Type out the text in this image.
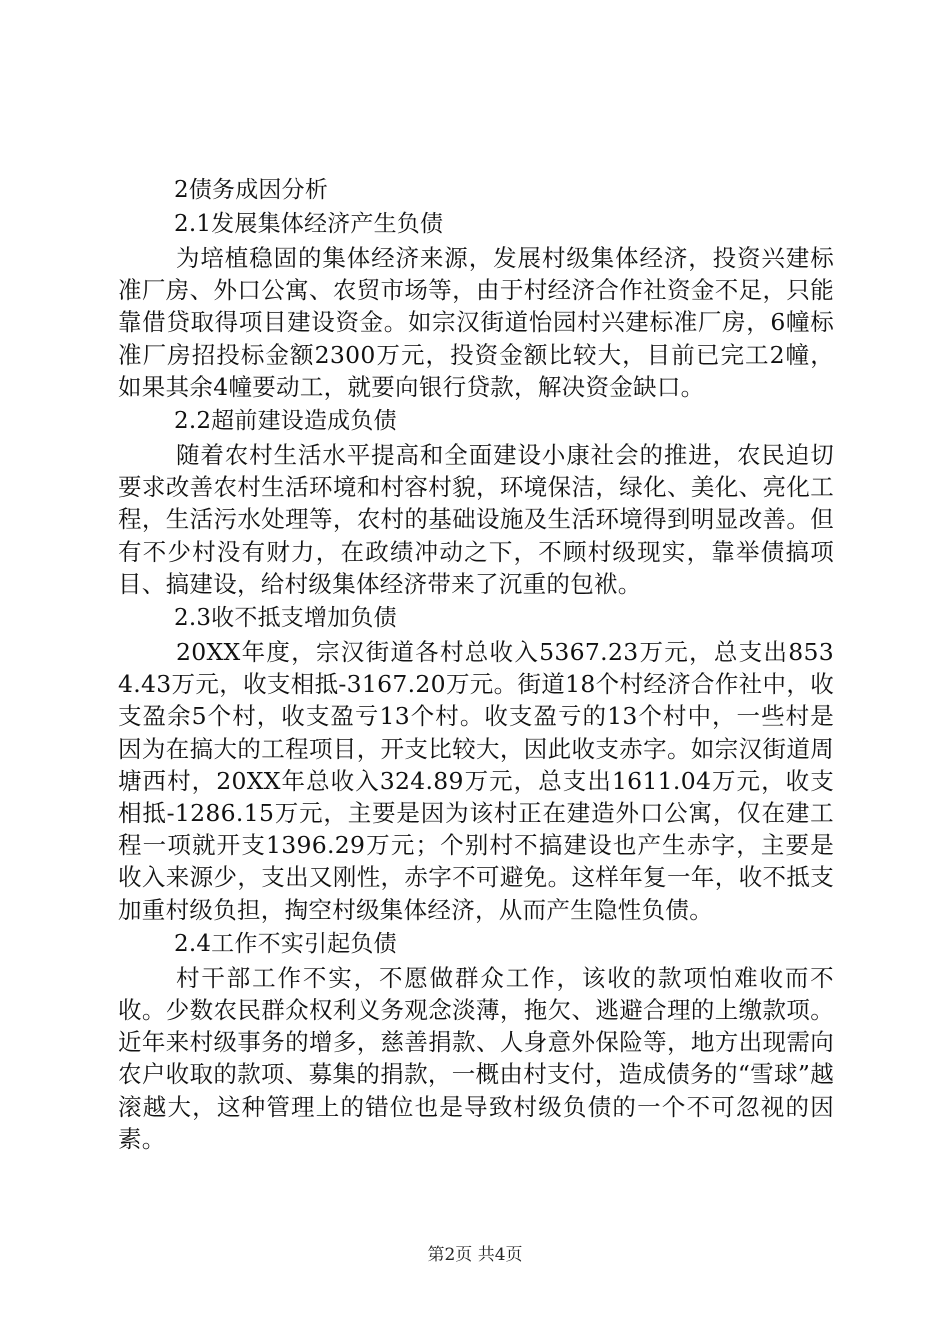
2债务成因分析
2.1发展集体经济产生负债

为培植稳固的集体经济来源，发展村级集体经济，投资兴建标准厂房、外口公寓、农贸市场等，由于村经济合作社资金不足，只能靠借贷取得项目建设资金。如宗汉街道怡园村兴建标准厂房，6幢标准厂房招投标金额2300万元，投资金额比较大，目前已完工2幢，如果其余4幢要动工，就要向银行贷款，解决资金缺口。

2.2超前建设造成负债

随着农村生活水平提高和全面建设小康社会的推进，农民迫切要求改善农村生活环境和村容村貌，环境保洁，绿化、美化、亮化工程，生活污水处理等，农村的基础设施及生活环境得到明显改善。但有不少村没有财力，在政绩冲动之下，不顾村级现实，靠举债搞项目、搞建设，给村级集体经济带来了沉重的包袱。

2.3收不抵支增加负债

20XX年度，宗汉街道各村总收入5367.23万元，总支出8534.43万元，收支相抵-3167.20万元。街道18个村经济合作社中，收支盈余5个村，收支盈亏13个村。收支盈亏的13个村中，一些村是因为在搞大的工程项目，开支比较大，因此收支赤字。如宗汉街道周塘西村，20XX年总收入324.89万元，总支出1611.04万元，收支相抵-1286.15万元，主要是因为该村正在建造外口公寓，仅在建工程一项就开支1396.29万元；个别村不搞建设也产生赤字，主要是收入来源少，支出又刚性，赤字不可避免。这样年复一年，收不抵支加重村级负担，掏空村级集体经济，从而产生隐性负债。

2.4工作不实引起负债

村干部工作不实，不愿做群众工作，该收的款项怕难收而不收。少数农民群众权利义务观念淡薄，拖欠、逃避合理的上缴款项。近年来村级事务的增多，慈善捐款、人身意外保险等，地方出现需向农户收取的款项、募集的捐款，一概由村支付，造成债务的“雪球”越滚越大，这种管理上的错位也是导致村级负债的一个不可忽视的因素。

第2页 共4页
